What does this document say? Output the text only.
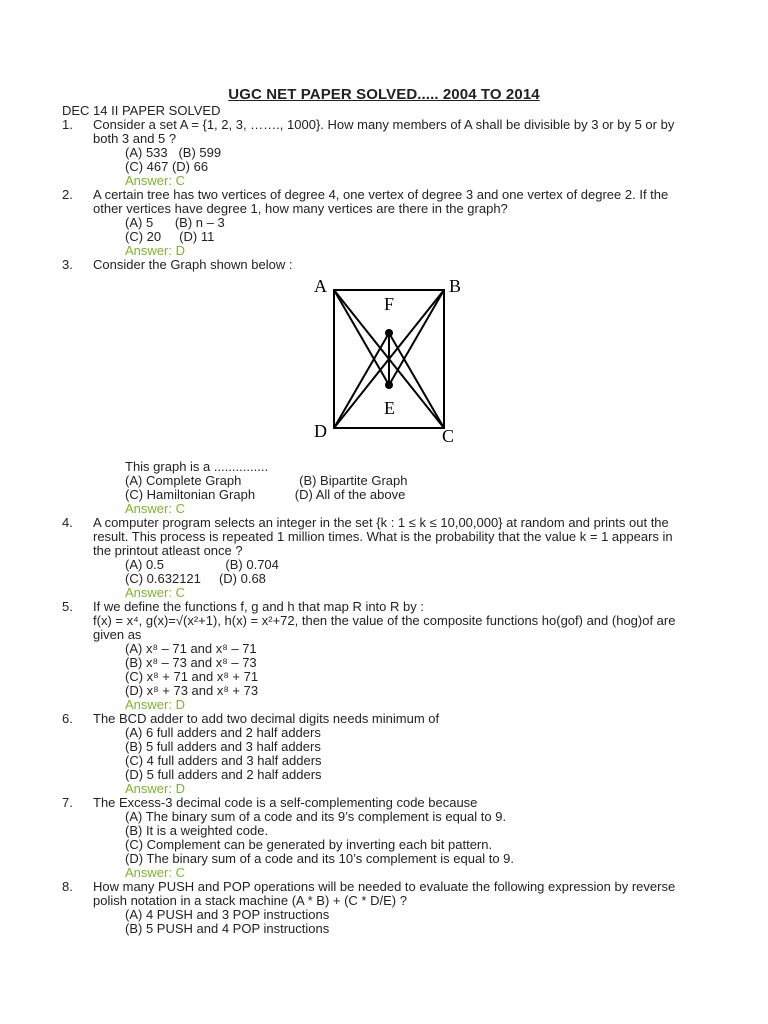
UGC NET PAPER SOLVED..... 2004 TO 2014
DEC 14 II PAPER SOLVED
1.	Consider a set A = {1, 2, 3, ……., 1000}. How many members of A shall be divisible by 3 or by 5 or by both 3 and 5 ?
(A) 533   (B) 599
(C) 467 (D) 66
Answer: C
2.	A certain tree has two vertices of degree 4, one vertex of degree 3 and one vertex of degree 2. If the other vertices have degree 1, how many vertices are there in the graph?
(A) 5      (B) n – 3
(C) 20     (D) 11
Answer: D
3.	Consider the Graph shown below :
A	B
F
E
D	C
This graph is a ...............
(A) Complete Graph                (B) Bipartite Graph
(C) Hamiltonian Graph           (D) All of the above
Answer: C
4.	A computer program selects an integer in the set {k : 1 ≤ k ≤ 10,00,000} at random and prints out the result. This process is repeated 1 million times. What is the probability that the value k = 1 appears in the printout atleast once ?
(A) 0.5                 (B) 0.704
(C) 0.632121     (D) 0.68
Answer: C
5.	If we define the functions f, g and h that map R into R by :
f(x) = x⁴, g(x)=√(x²+1), h(x) = x²+72, then the value of the composite functions ho(gof) and (hog)of are given as
(A) x⁸ – 71 and x⁸ – 71
(B) x⁸ – 73 and x⁸ – 73
(C) x⁸ + 71 and x⁸ + 71
(D) x⁸ + 73 and x⁸ + 73
Answer: D
6.	The BCD adder to add two decimal digits needs minimum of
(A) 6 full adders and 2 half adders
(B) 5 full adders and 3 half adders
(C) 4 full adders and 3 half adders
(D) 5 full adders and 2 half adders
Answer: D
7.	The Excess-3 decimal code is a self-complementing code because
(A) The binary sum of a code and its 9’s complement is equal to 9.
(B) It is a weighted code.
(C) Complement can be generated by inverting each bit pattern.
(D) The binary sum of a code and its 10’s complement is equal to 9.
Answer: C
8.	How many PUSH and POP operations will be needed to evaluate the following expression by reverse polish notation in a stack machine (A * B) + (C * D/E) ?
(A) 4 PUSH and 3 POP instructions
(B) 5 PUSH and 4 POP instructions
